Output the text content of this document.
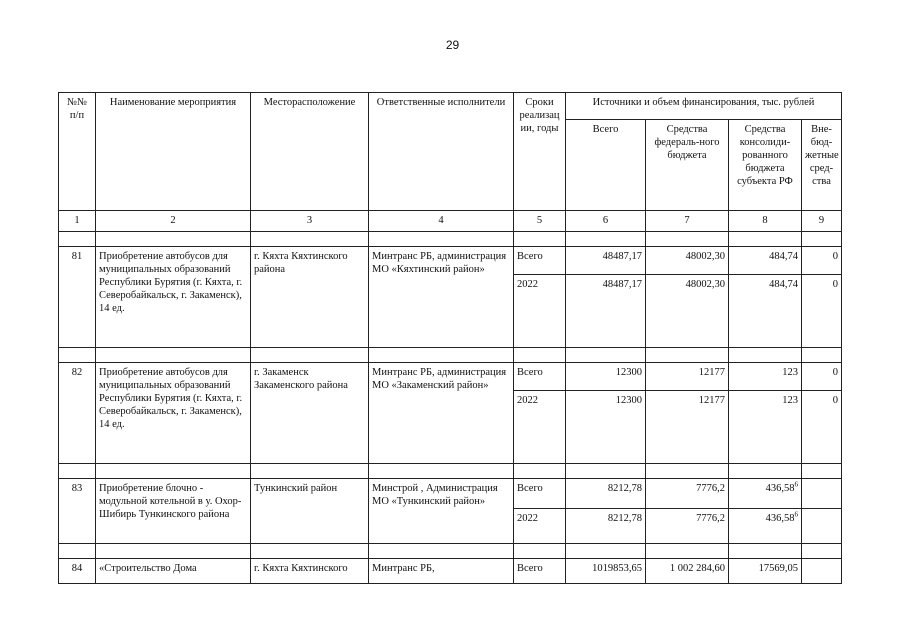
29
№№ п/п	Наименование мероприятия	Месторасположение	Ответственные исполнители	Сроки реализац ии, годы	Источники и объем финансирования, тыс. рублей			
					Всего	Средства федераль-ного бюджета	Средства консолиди-рованного бюджета субъекта РФ	Вне-бюд-жетные сред-ства
1	2	3	4	5	6	7	8	9

81	Приобретение автобусов для муниципальных образований Республики Бурятия (г. Кяхта, г. Северобайкальск, г. Закаменск), 14 ед.	г. Кяхта Кяхтинского района	Минтранс РБ, администрация МО «Кяхтинский район»	Всего	48487,17	48002,30	484,74	0
				2022	48487,17	48002,30	484,74	0

82	Приобретение автобусов для муниципальных образований Республики Бурятия (г. Кяхта, г. Северобайкальск, г. Закаменск), 14 ед.	г. Закаменск Закаменского района	Минтранс РБ, администрация МО «Закаменский район»	Всего	12300	12177	123	0
				2022	12300	12177	123	0

83	Приобретение блочно - модульной котельной в у. Охор-Шибирь Тункинского района	Тункинский район	Минстрой , Администрация МО «Тункинский район»	Всего	8212,78	7776,2	436,58$^6$	
				2022	8212,78	7776,2	436,58$^6$	

84	«Строительство Дома	г. Кяхта Кяхтинского	Минтранс РБ,	Всего	1019853,65	1 002 284,60	17569,05	
